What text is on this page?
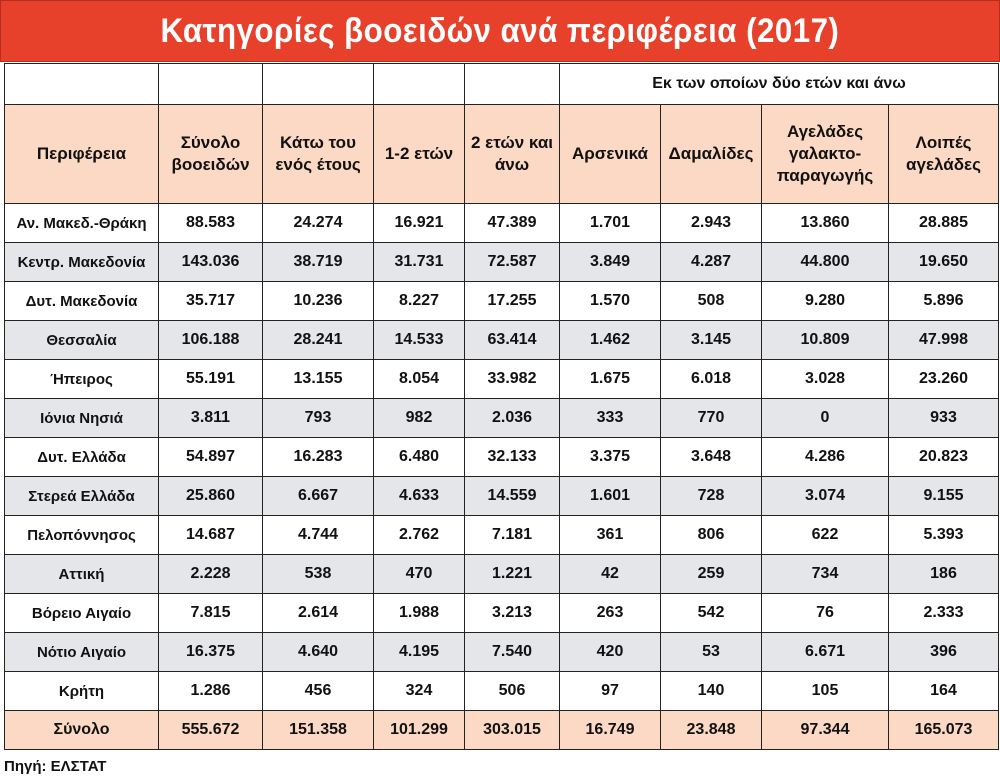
Κατηγορίες βοοειδών ανά περιφέρεια (2017)
					Εκ των οποίων δύο ετών και άνω			
Περιφέρεια	Σύνολο βοοειδών	Κάτω του ενός έτους	1-2 ετών	2 ετών και άνω	Αρσενικά	Δαμαλίδες	Αγελάδες γαλακτο- παραγωγής	Λοιπές αγελάδες
Αν. Μακεδ.-Θράκη	88.583	24.274	16.921	47.389	1.701	2.943	13.860	28.885
Κεντρ. Μακεδονία	143.036	38.719	31.731	72.587	3.849	4.287	44.800	19.650
Δυτ. Μακεδονία	35.717	10.236	8.227	17.255	1.570	508	9.280	5.896
Θεσσαλία	106.188	28.241	14.533	63.414	1.462	3.145	10.809	47.998
Ήπειρος	55.191	13.155	8.054	33.982	1.675	6.018	3.028	23.260
Ιόνια Νησιά	3.811	793	982	2.036	333	770	0	933
Δυτ. Ελλάδα	54.897	16.283	6.480	32.133	3.375	3.648	4.286	20.823
Στερεά Ελλάδα	25.860	6.667	4.633	14.559	1.601	728	3.074	9.155
Πελοπόννησος	14.687	4.744	2.762	7.181	361	806	622	5.393
Αττική	2.228	538	470	1.221	42	259	734	186
Βόρειο Αιγαίο	7.815	2.614	1.988	3.213	263	542	76	2.333
Νότιο Αιγαίο	16.375	4.640	4.195	7.540	420	53	6.671	396
Κρήτη	1.286	456	324	506	97	140	105	164
Σύνολο	555.672	151.358	101.299	303.015	16.749	23.848	97.344	165.073
Πηγή: ΕΛΣΤΑΤ
